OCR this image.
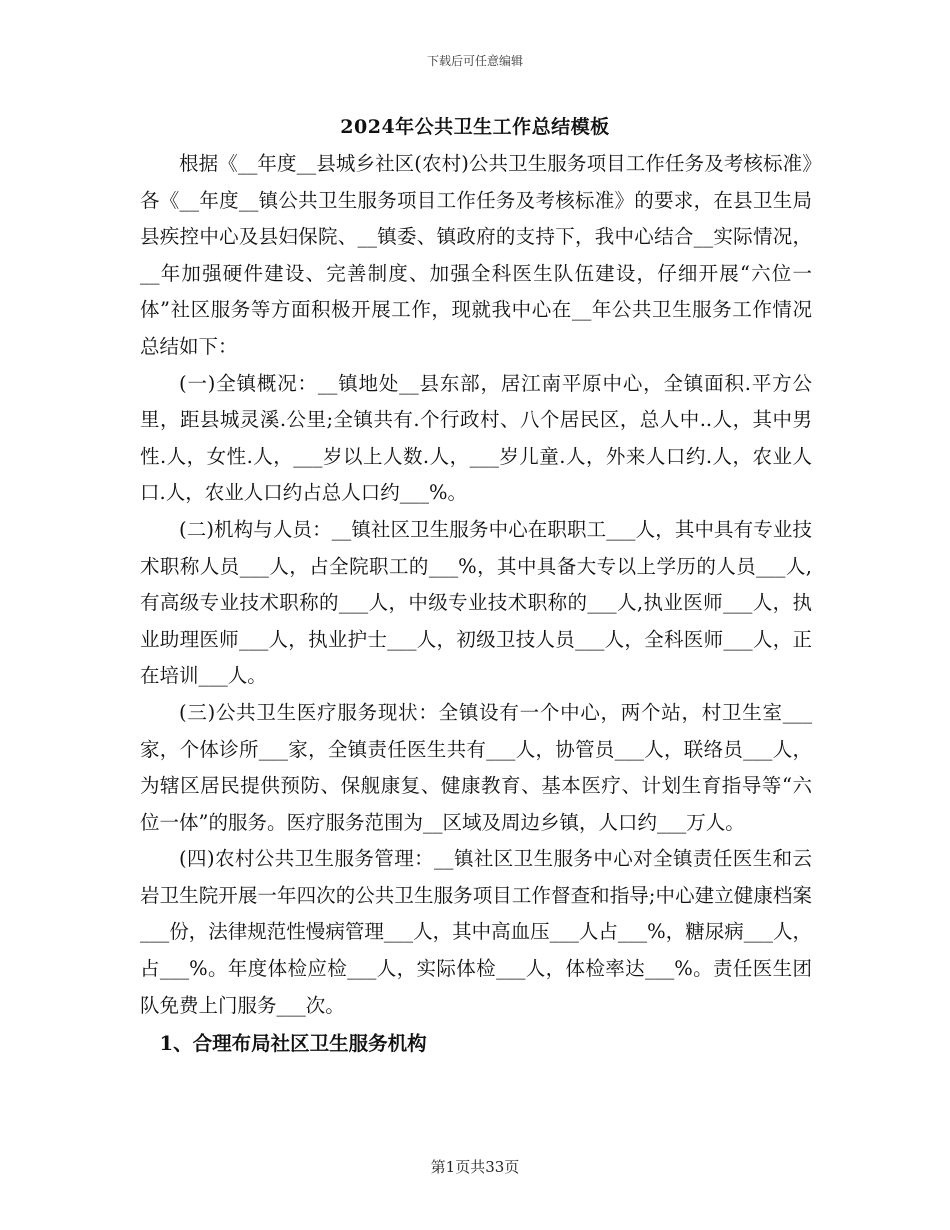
下载后可任意编辑
2024年公共卫生工作总结模板

根据《__年度__县城乡社区(农村)公共卫生服务项目工作任务及考核标准》各《__年度__镇公共卫生服务项目工作任务及考核标准》的要求，在县卫生局县疾控中心及县妇保院、__镇委、镇政府的支持下，我中心结合__实际情况，__年加强硬件建设、完善制度、加强全科医生队伍建设，仔细开展“六位一体”社区服务等方面积极开展工作，现就我中心在__年公共卫生服务工作情况总结如下：

(一)全镇概况：__镇地处__县东部，居江南平原中心，全镇面积.平方公里，距县城灵溪.公里;全镇共有.个行政村、八个居民区，总人中..人，其中男性.人，女性.人，___岁以上人数.人，___岁儿童.人，外来人口约.人，农业人口.人，农业人口约占总人口约___%。

(二)机构与人员：__镇社区卫生服务中心在职职工___人，其中具有专业技术职称人员___人，占全院职工的___%，其中具备大专以上学历的人员___人,有高级专业技术职称的___人，中级专业技术职称的___人,执业医师___人，执业助理医师___人，执业护士___人，初级卫技人员___人，全科医师___人，正在培训___人。

(三)公共卫生医疗服务现状：全镇设有一个中心，两个站，村卫生室___家，个体诊所___家，全镇责任医生共有___人，协管员___人，联络员___人，为辖区居民提供预防、保舰康复、健康教育、基本医疗、计划生育指导等“六位一体”的服务。医疗服务范围为__区域及周边乡镇，人口约___万人。

(四)农村公共卫生服务管理：__镇社区卫生服务中心对全镇责任医生和云岩卫生院开展一年四次的公共卫生服务项目工作督查和指导;中心建立健康档案___份，法律规范性慢病管理___人，其中高血压___人占___%，糖尿病___人，占___%。年度体检应检___人，实际体检___人，体检率达___%。责任医生团队免费上门服务___次。

1、合理布局社区卫生服务机构

第1页共33页
